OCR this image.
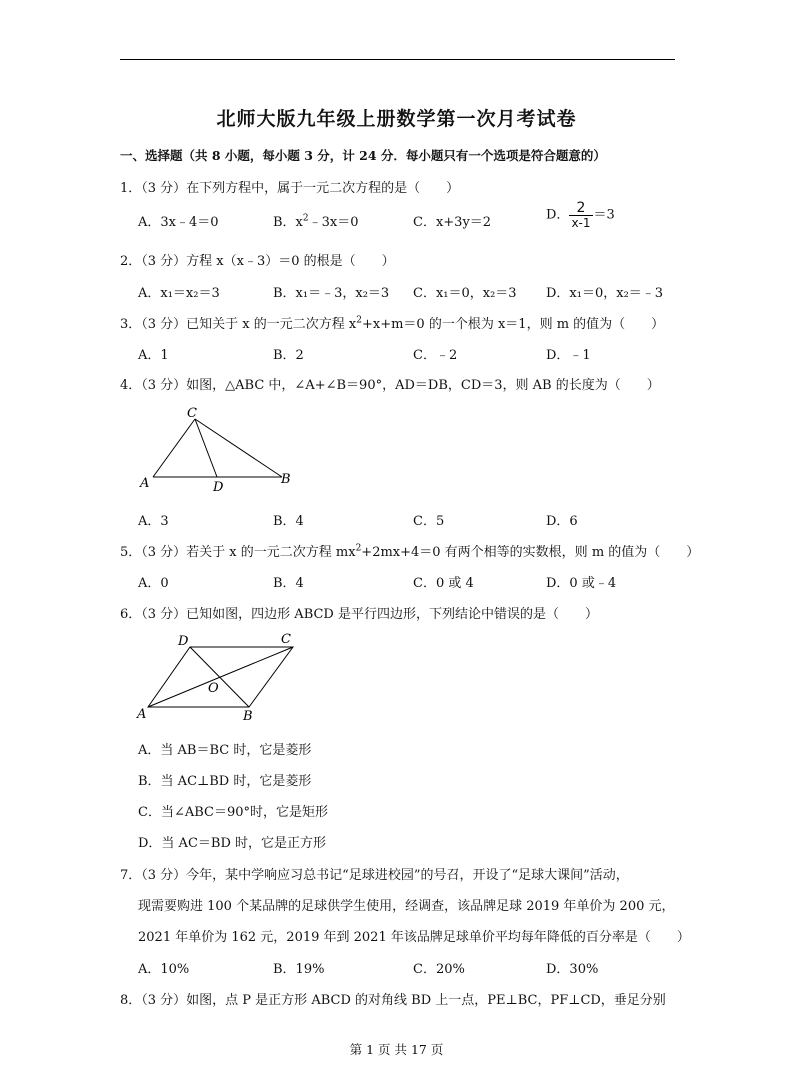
北师大版九年级上册数学第一次月考试卷
一、选择题（共 8 小题，每小题 3 分，计 24 分．每小题只有一个选项是符合题意的）
1．（3 分）在下列方程中，属于一元二次方程的是（　　）
A．3x﹣4＝0	B．$x^2﹣3x=0$	C．x+3y＝2	D． $\frac{2}{x-1} =3$
2．（3 分）方程 x（x﹣3）＝0 的根是（　　）
A．x₁＝x₂＝3	B．x₁＝﹣3，x₂＝3 C．x₁＝0，x₂＝3 D．x₁＝0，x₂＝﹣3
3．（3 分）已知关于 x 的一元二次方程 $x^2+x+m=0$ 的一个根为 x＝1，则 m 的值为（　　）
A．1	B．2	C．﹣2	D．﹣1
4．（3 分）如图，△ABC 中，∠A+∠B＝90°，AD＝DB，CD＝3，则 AB 的长度为（　　）
C
A	D
B
A．3	B．4	C．5	D．6
5．（3 分）若关于 x 的一元二次方程 $mx^2+2mx+4=0$ 有两个相等的实数根，则 m 的值为（　　）
A．0	B．4	C．0 或 4	D．0 或﹣4
6．（3 分）已知如图，四边形 ABCD 是平行四边形，下列结论中错误的是（　　）
D	C
A	B
O
A．当 AB＝BC 时，它是菱形
B．当 AC⊥BD 时，它是菱形
C．当∠ABC＝90°时，它是矩形
D．当 AC＝BD 时，它是正方形
7．（3 分）今年，某中学响应习总书记“足球进校园”的号召，开设了“足球大课间”活动，
现需要购进 100 个某品牌的足球供学生使用，经调查，该品牌足球 2019 年单价为 200 元，
2021 年单价为 162 元，2019 年到 2021 年该品牌足球单价平均每年降低的百分率是（　　）
A．10%	B．19%	C．20%	D．30%
8．（3 分）如图，点 P 是正方形 ABCD 的对角线 BD 上一点，PE⊥BC，PF⊥CD，垂足分别
第 1 页 共 17 页
